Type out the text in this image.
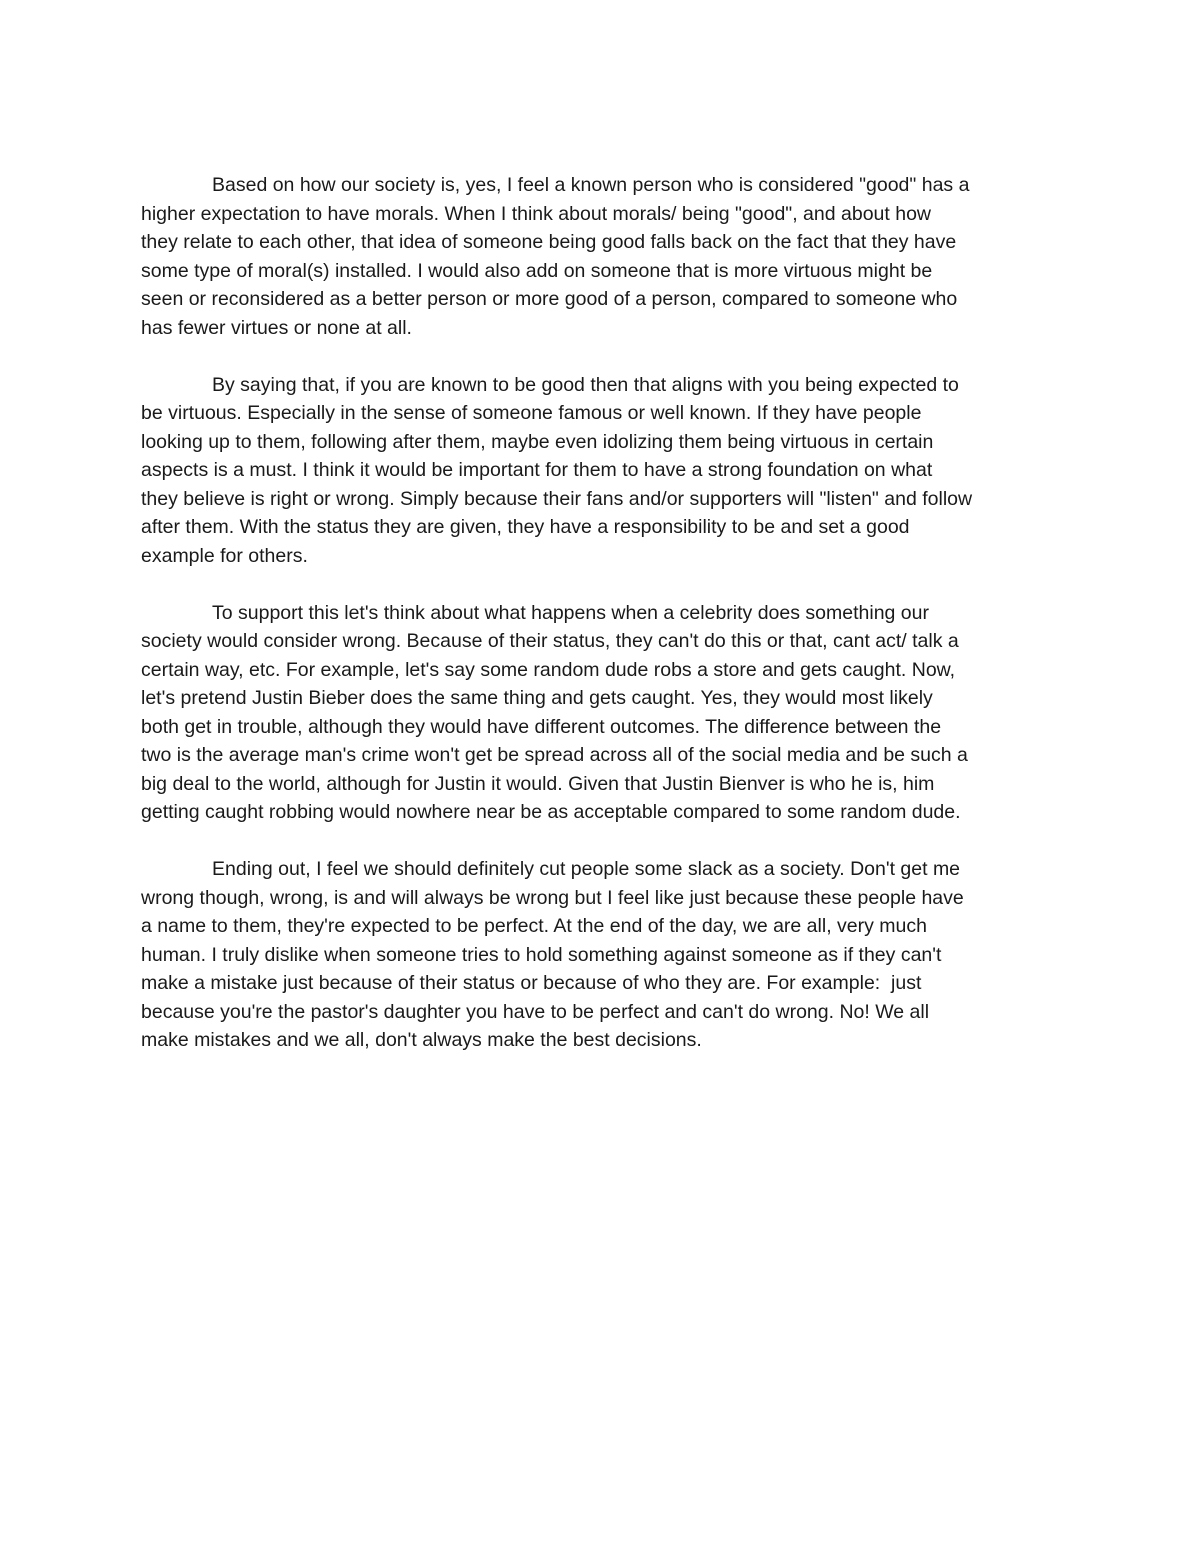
Based on how our society is, yes, I feel a known person who is considered "good" has a
higher expectation to have morals. When I think about morals/ being "good", and about how
they relate to each other, that idea of someone being good falls back on the fact that they have
some type of moral(s) installed. I would also add on someone that is more virtuous might be
seen or reconsidered as a better person or more good of a person, compared to someone who
has fewer virtues or none at all.
By saying that, if you are known to be good then that aligns with you being expected to
be virtuous. Especially in the sense of someone famous or well known. If they have people
looking up to them, following after them, maybe even idolizing them being virtuous in certain
aspects is a must. I think it would be important for them to have a strong foundation on what
they believe is right or wrong. Simply because their fans and/or supporters will "listen" and follow
after them. With the status they are given, they have a responsibility to be and set a good
example for others.
To support this let's think about what happens when a celebrity does something our
society would consider wrong. Because of their status, they can't do this or that, cant act/ talk a
certain way, etc. For example, let's say some random dude robs a store and gets caught. Now,
let's pretend Justin Bieber does the same thing and gets caught. Yes, they would most likely
both get in trouble, although they would have different outcomes. The difference between the
two is the average man's crime won't get be spread across all of the social media and be such a
big deal to the world, although for Justin it would. Given that Justin Bienver is who he is, him
getting caught robbing would nowhere near be as acceptable compared to some random dude.
Ending out, I feel we should definitely cut people some slack as a society. Don't get me
wrong though, wrong, is and will always be wrong but I feel like just because these people have
a name to them, they're expected to be perfect. At the end of the day, we are all, very much
human. I truly dislike when someone tries to hold something against someone as if they can't
make a mistake just because of their status or because of who they are. For example:  just
because you're the pastor's daughter you have to be perfect and can't do wrong. No! We all
make mistakes and we all, don't always make the best decisions.
